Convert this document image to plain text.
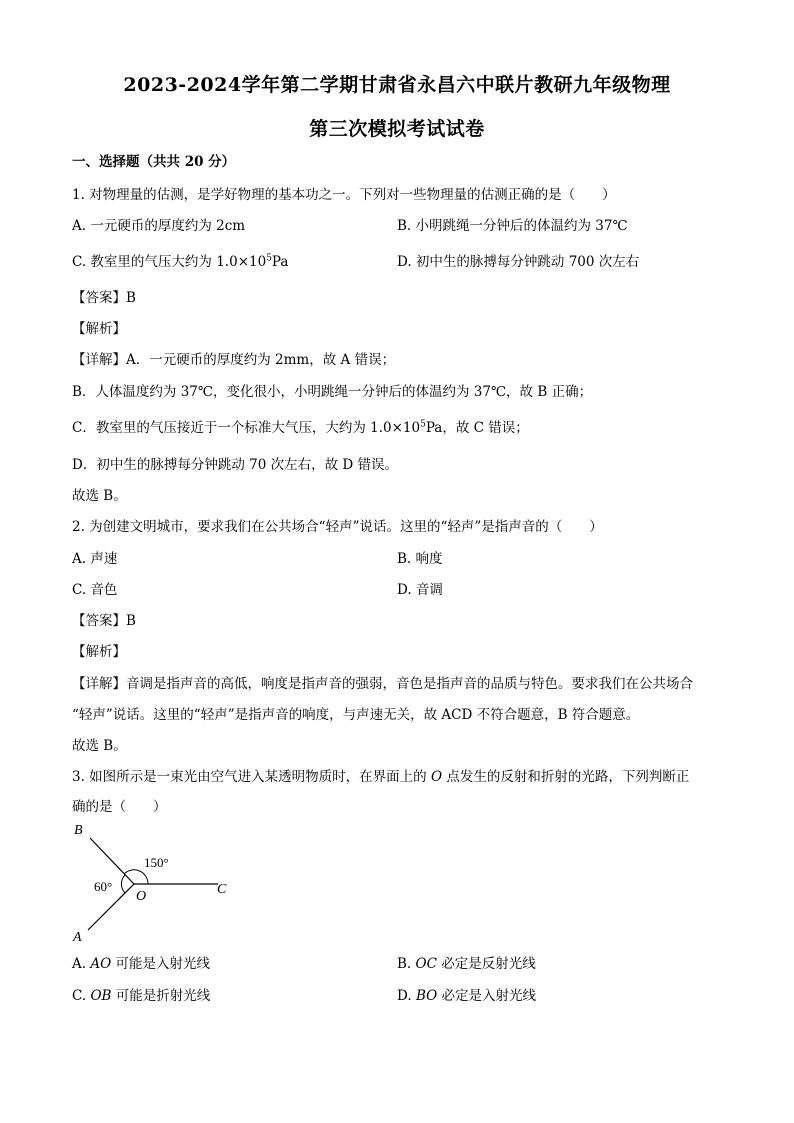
2023-2024学年第二学期甘肃省永昌六中联片教研九年级物理
第三次模拟考试试卷
一、选择题（共共 20 分）
1. 对物理量的估测，是学好物理的基本功之一。下列对一些物理量的估测正确的是（　　）
A. 一元硬币的厚度约为 2cm	B. 小明跳绳一分钟后的体温约为 37℃
C. 教室里的气压大约为 $1.0\times 10^5Pa$	D. 初中生的脉搏每分钟跳动 700 次左右
【答案】B
【解析】
【详解】A．一元硬币的厚度约为 2mm，故 A 错误；
B．人体温度约为 37℃，变化很小，小明跳绳一分钟后的体温约为 37℃，故 B 正确；
C．教室里的气压接近于一个标准大气压，大约为 $1.0\times 10^5Pa$，故 C 错误；
D．初中生的脉搏每分钟跳动 70 次左右，故 D 错误。
故选 B。
2. 为创建文明城市，要求我们在公共场合“轻声”说话。这里的“轻声”是指声音的（　　）
A. 声速	B. 响度
C. 音色	D. 音调
【答案】B
【解析】
【详解】音调是指声音的高低，响度是指声音的强弱，音色是指声音的品质与特色。要求我们在公共场合
“轻声”说话。这里的“轻声”是指声音的响度，与声速无关，故 ACD 不符合题意，B 符合题意。
故选 B。
3. 如图所示是一束光由空气进入某透明物质时，在界面上的 O 点发生的反射和折射的光路，下列判断正
确的是（　　）
B
A
C
O
150°
60°
A. AO 可能是入射光线	B. OC 必定是反射光线
C. OB 可能是折射光线	D. BO 必定是入射光线
